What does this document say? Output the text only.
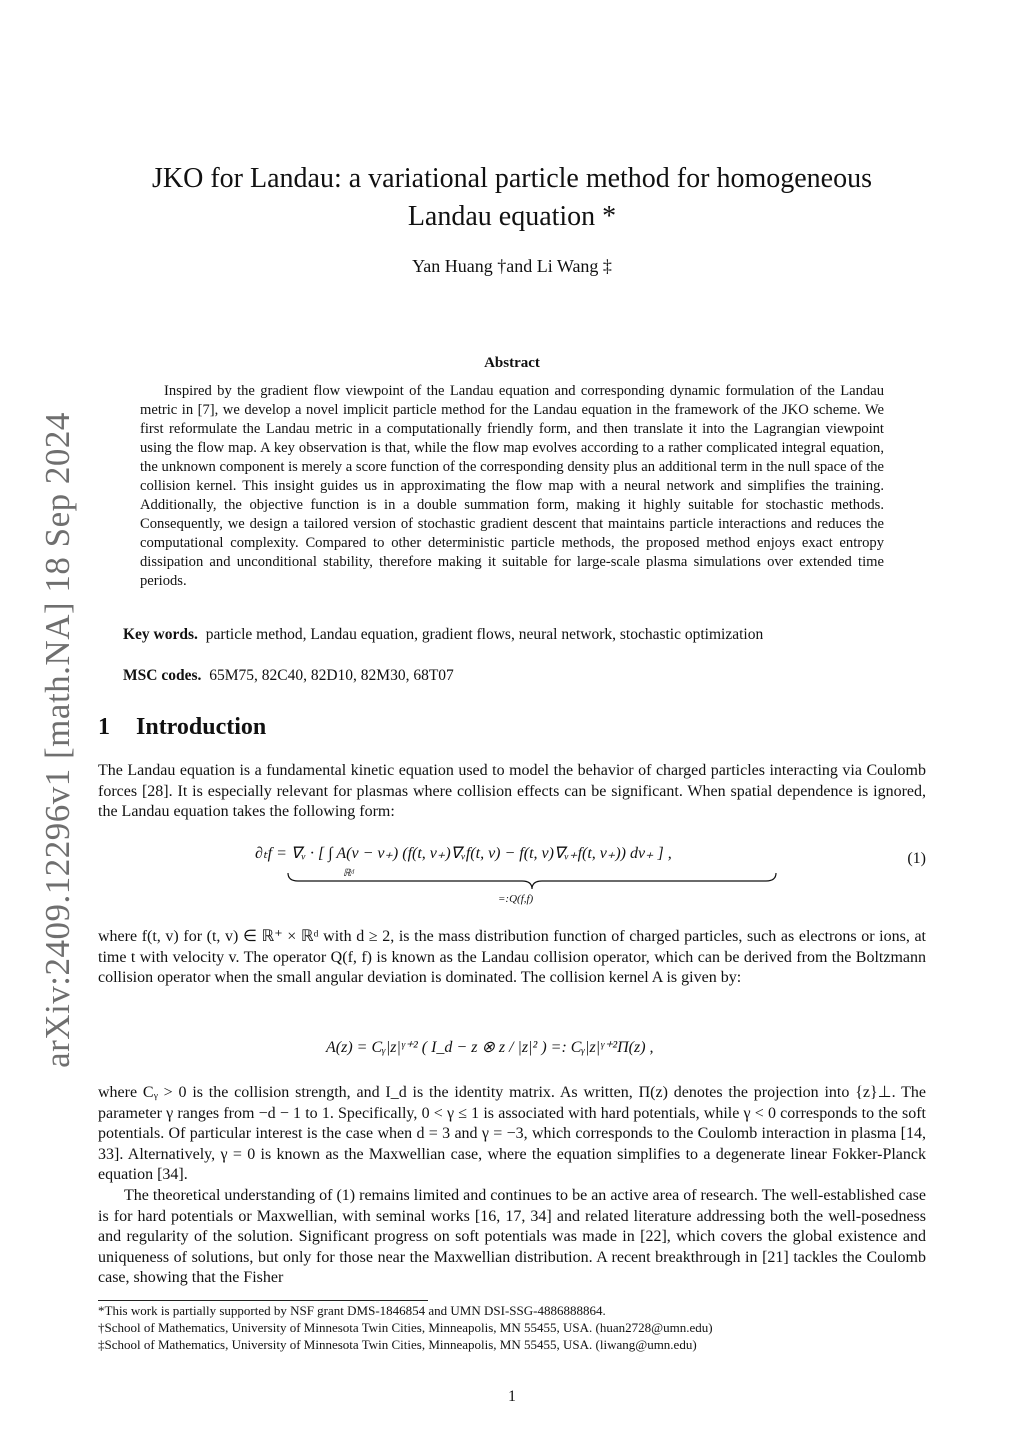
arXiv:2409.12296v1 [math.NA] 18 Sep 2024
JKO for Landau: a variational particle method for homogeneous
Landau equation *
Yan Huang †and Li Wang ‡
Abstract
Inspired by the gradient flow viewpoint of the Landau equation and corresponding dynamic formulation of the Landau metric in [7], we develop a novel implicit particle method for the Landau equation in the framework of the JKO scheme. We first reformulate the Landau metric in a computationally friendly form, and then translate it into the Lagrangian viewpoint using the flow map. A key observation is that, while the flow map evolves according to a rather complicated integral equation, the unknown component is merely a score function of the corresponding density plus an additional term in the null space of the collision kernel. This insight guides us in approximating the flow map with a neural network and simplifies the training. Additionally, the objective function is in a double summation form, making it highly suitable for stochastic methods. Consequently, we design a tailored version of stochastic gradient descent that maintains particle interactions and reduces the computational complexity. Compared to other deterministic particle methods, the proposed method enjoys exact entropy dissipation and unconditional stability, therefore making it suitable for large-scale plasma simulations over extended time periods.
Key words. particle method, Landau equation, gradient flows, neural network, stochastic optimization
MSC codes. 65M75, 82C40, 82D10, 82M30, 68T07
1 Introduction
The Landau equation is a fundamental kinetic equation used to model the behavior of charged particles interacting via Coulomb forces [28]. It is especially relevant for plasmas where collision effects can be significant. When spatial dependence is ignored, the Landau equation takes the following form:
∂ₜf = ∇ᵥ · [ ∫ A(v − v₊) (f(t, v₊)∇ᵥf(t, v) − f(t, v)∇ᵥ₊f(t, v₊)) dv₊ ] ,
ℝᵈ
=:Q(f,f)
(1)
where f(t, v) for (t, v) ∈ ℝ⁺ × ℝᵈ with d ≥ 2, is the mass distribution function of charged particles, such as electrons or ions, at time t with velocity v. The operator Q(f, f) is known as the Landau collision operator, which can be derived from the Boltzmann collision operator when the small angular deviation is dominated. The collision kernel A is given by:
A(z) = Cᵧ|z|ᵞ⁺² ( I_d − z ⊗ z / |z|² ) =: Cᵧ|z|ᵞ⁺²Π(z) ,
where Cᵧ > 0 is the collision strength, and I_d is the identity matrix. As written, Π(z) denotes the projection into {z}⊥. The parameter γ ranges from −d − 1 to 1. Specifically, 0 < γ ≤ 1 is associated with hard potentials, while γ < 0 corresponds to the soft potentials. Of particular interest is the case when d = 3 and γ = −3, which corresponds to the Coulomb interaction in plasma [14, 33]. Alternatively, γ = 0 is known as the Maxwellian case, where the equation simplifies to a degenerate linear Fokker-Planck equation [34].
The theoretical understanding of (1) remains limited and continues to be an active area of research. The well-established case is for hard potentials or Maxwellian, with seminal works [16, 17, 34] and related literature addressing both the well-posedness and regularity of the solution. Significant progress on soft potentials was made in [22], which covers the global existence and uniqueness of solutions, but only for those near the Maxwellian distribution. A recent breakthrough in [21] tackles the Coulomb case, showing that the Fisher
*This work is partially supported by NSF grant DMS-1846854 and UMN DSI-SSG-4886888864.
†School of Mathematics, University of Minnesota Twin Cities, Minneapolis, MN 55455, USA. (huan2728@umn.edu)
‡School of Mathematics, University of Minnesota Twin Cities, Minneapolis, MN 55455, USA. (liwang@umn.edu)
1
